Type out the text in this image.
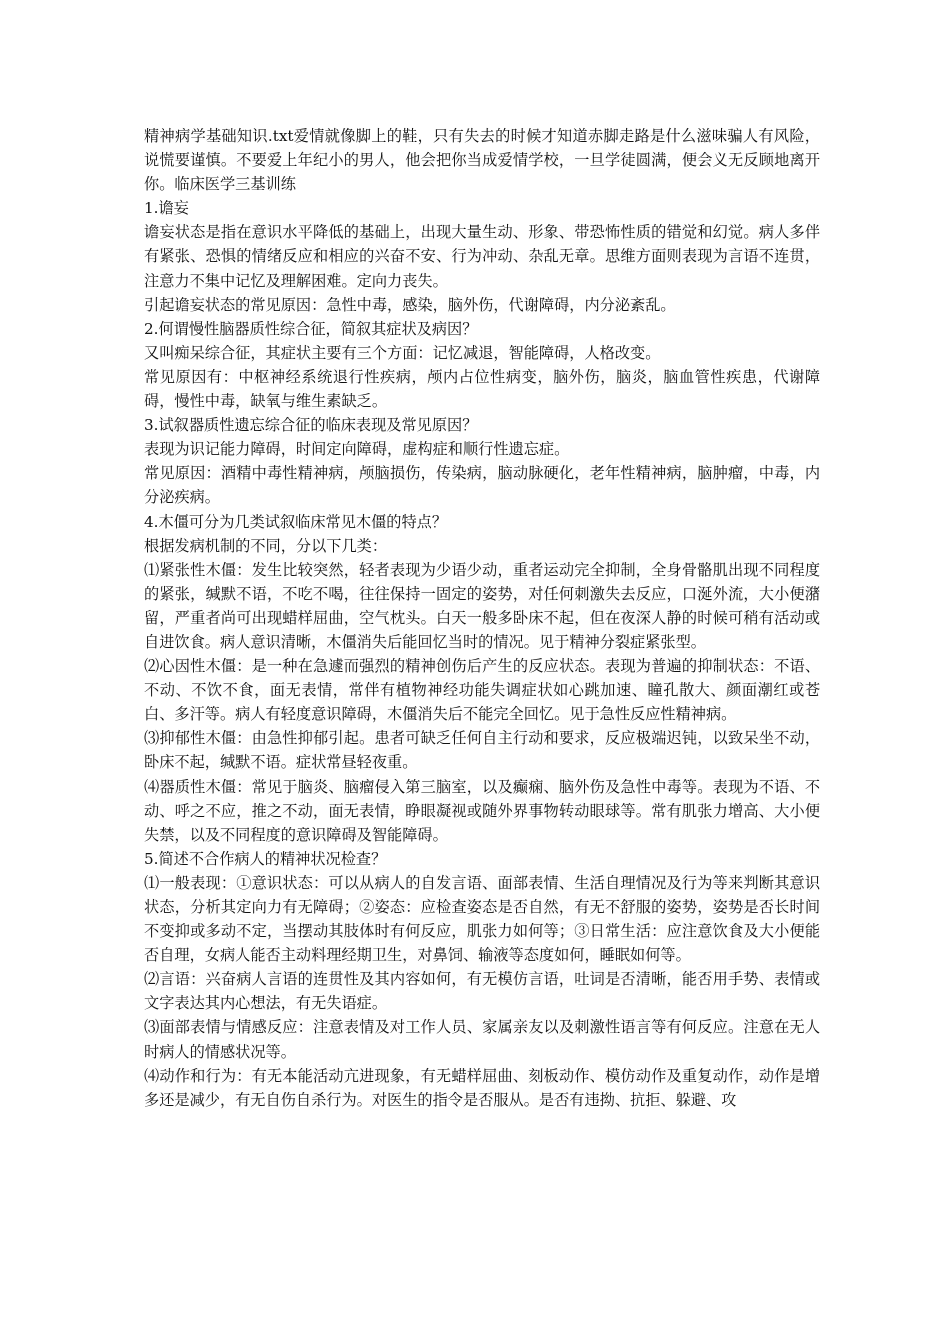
精神病学基础知识.txt爱情就像脚上的鞋，只有失去的时候才知道赤脚走路是什么滋味骗人有风险，说慌要谨慎。不要爱上年纪小的男人，他会把你当成爱情学校，一旦学徒圆满，便会义无反顾地离开你。临床医学三基训练

1.谵妄

谵妄状态是指在意识水平降低的基础上，出现大量生动、形象、带恐怖性质的错觉和幻觉。病人多伴有紧张、恐惧的情绪反应和相应的兴奋不安、行为冲动、杂乱无章。思维方面则表现为言语不连贯，注意力不集中记忆及理解困难。定向力丧失。

引起谵妄状态的常见原因：急性中毒，感染，脑外伤，代谢障碍，内分泌紊乱。

2.何谓慢性脑器质性综合征，简叙其症状及病因？

又叫痴呆综合征，其症状主要有三个方面：记忆减退，智能障碍，人格改变。

常见原因有：中枢神经系统退行性疾病，颅内占位性病变，脑外伤，脑炎，脑血管性疾患，代谢障碍，慢性中毒，缺氧与维生素缺乏。

3.试叙器质性遗忘综合征的临床表现及常见原因？

表现为识记能力障碍，时间定向障碍，虚构症和顺行性遗忘症。

常见原因：酒精中毒性精神病，颅脑损伤，传染病，脑动脉硬化，老年性精神病，脑肿瘤，中毒，内分泌疾病。

4.木僵可分为几类试叙临床常见木僵的特点？

根据发病机制的不同，分以下几类：

⑴紧张性木僵：发生比较突然，轻者表现为少语少动，重者运动完全抑制，全身骨骼肌出现不同程度的紧张，缄默不语，不吃不喝，往往保持一固定的姿势，对任何刺激失去反应，口涎外流，大小便潴留，严重者尚可出现蜡样屈曲，空气枕头。白天一般多卧床不起，但在夜深人静的时候可稍有活动或自进饮食。病人意识清晰，木僵消失后能回忆当时的情况。见于精神分裂症紧张型。

⑵心因性木僵：是一种在急遽而强烈的精神创伤后产生的反应状态。表现为普遍的抑制状态：不语、不动、不饮不食，面无表情，常伴有植物神经功能失调症状如心跳加速、瞳孔散大、颜面潮红或苍白、多汗等。病人有轻度意识障碍，木僵消失后不能完全回忆。见于急性反应性精神病。

⑶抑郁性木僵：由急性抑郁引起。患者可缺乏任何自主行动和要求，反应极端迟钝，以致呆坐不动，卧床不起，缄默不语。症状常昼轻夜重。

⑷器质性木僵：常见于脑炎、脑瘤侵入第三脑室，以及癫痫、脑外伤及急性中毒等。表现为不语、不动、呼之不应，推之不动，面无表情，睁眼凝视或随外界事物转动眼球等。常有肌张力增高、大小便失禁，以及不同程度的意识障碍及智能障碍。

5.简述不合作病人的精神状况检查？

⑴一般表现：①意识状态：可以从病人的自发言语、面部表情、生活自理情况及行为等来判断其意识状态，分析其定向力有无障碍；②姿态：应检查姿态是否自然，有无不舒服的姿势，姿势是否长时间不变抑或多动不定，当摆动其肢体时有何反应，肌张力如何等；③日常生活：应注意饮食及大小便能否自理，女病人能否主动料理经期卫生，对鼻饲、输液等态度如何，睡眠如何等。

⑵言语：兴奋病人言语的连贯性及其内容如何，有无模仿言语，吐词是否清晰，能否用手势、表情或文字表达其内心想法，有无失语症。

⑶面部表情与情感反应：注意表情及对工作人员、家属亲友以及刺激性语言等有何反应。注意在无人时病人的情感状况等。

⑷动作和行为：有无本能活动亢进现象，有无蜡样屈曲、刻板动作、模仿动作及重复动作，动作是增多还是减少，有无自伤自杀行为。对医生的指令是否服从。是否有违拗、抗拒、躲避、攻
